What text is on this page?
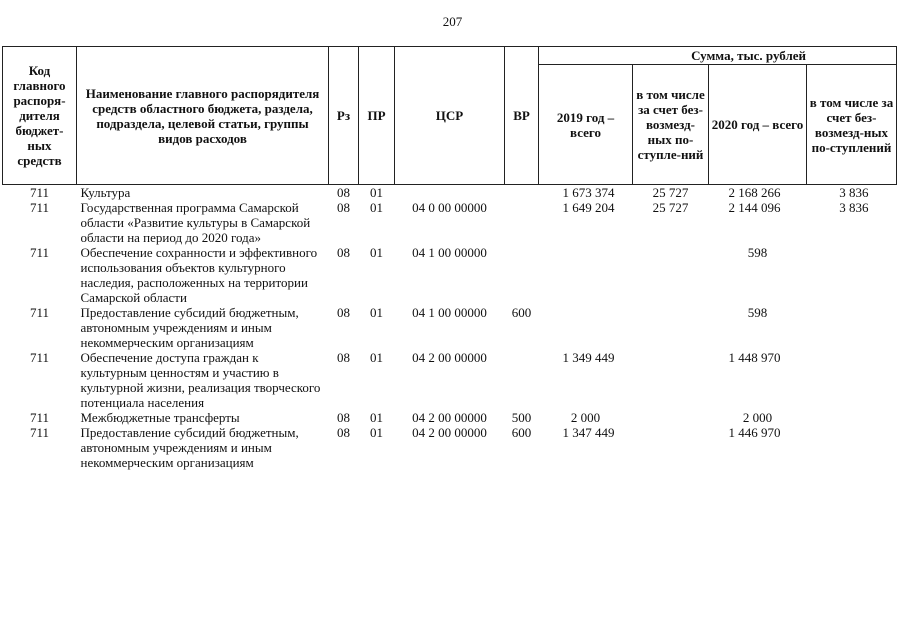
207
Код главного распоря-дителя бюджет-ных средств	Наименование главного распорядителя средств областного бюджета, раздела, подраздела, целевой статьи, группы видов расходов	Рз	ПР	ЦСР	ВР	Сумма, тыс. рублей			
						2019 год – всего	в том числе за счет без-возмезд-ных по-ступле-ний	2020 год – всего	в том числе за счет без-возмезд-ных по-ступлений
711	Культура	08	01			1 673 374	25 727	2 168 266	3 836
711	Государственная программа Самарской области «Развитие культуры в Самарской области на период до 2020 года»	08	01	04 0 00 00000		1 649 204	25 727	2 144 096	3 836
711	Обеспечение сохранности и эффективного использования объектов культурного наследия, расположенных на территории Самарской области	08	01	04 1 00 00000				598	
711	Предоставление субсидий бюджетным, автономным учреждениям и иным некоммерческим организациям	08	01	04 1 00 00000	600			598	
711	Обеспечение доступа граждан к культурным ценностям и участию в культурной жизни, реализация творческого потенциала населения	08	01	04 2 00 00000		1 349 449		1 448 970	
711	Межбюджетные трансферты	08	01	04 2 00 00000	500	2 000		2 000	
711	Предоставление субсидий бюджетным, автономным учреждениям и иным некоммерческим организациям	08	01	04 2 00 00000	600	1 347 449		1 446 970	
